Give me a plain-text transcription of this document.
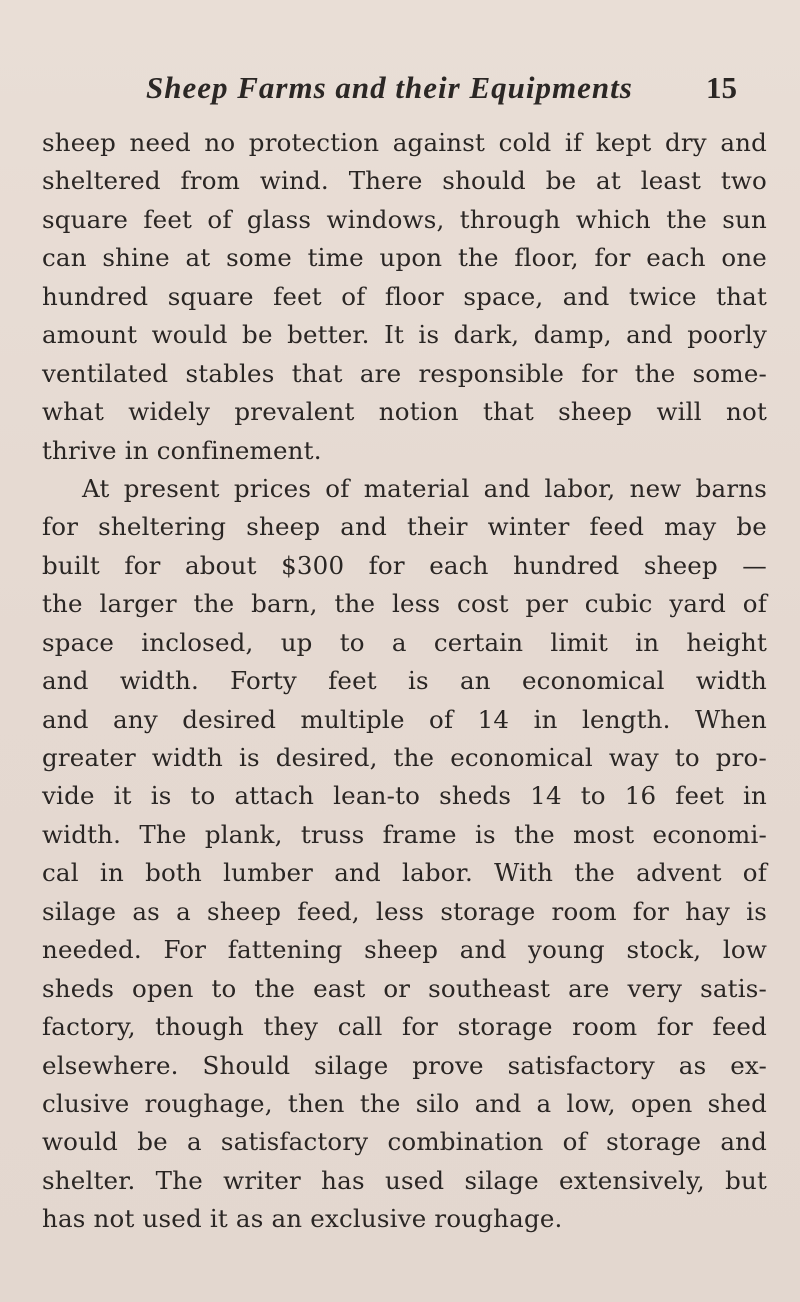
Sheep Farms and their Equipments 15
sheep need no protection against cold if kept dry and
sheltered from wind. There should be at least two
square feet of glass windows, through which the sun
can shine at some time upon the floor, for each one
hundred square feet of floor space, and twice that
amount would be better. It is dark, damp, and poorly
ventilated stables that are responsible for the some-
what widely prevalent notion that sheep will not
thrive in confinement.
At present prices of material and labor, new barns
for sheltering sheep and their winter feed may be
built for about $300 for each hundred sheep —
the larger the barn, the less cost per cubic yard of
space inclosed, up to a certain limit in height
and width. Forty feet is an economical width
and any desired multiple of 14 in length. When
greater width is desired, the economical way to pro-
vide it is to attach lean-to sheds 14 to 16 feet in
width. The plank, truss frame is the most economi-
cal in both lumber and labor. With the advent of
silage as a sheep feed, less storage room for hay is
needed. For fattening sheep and young stock, low
sheds open to the east or southeast are very satis-
factory, though they call for storage room for feed
elsewhere. Should silage prove satisfactory as ex-
clusive roughage, then the silo and a low, open shed
would be a satisfactory combination of storage and
shelter. The writer has used silage extensively, but
has not used it as an exclusive roughage.
